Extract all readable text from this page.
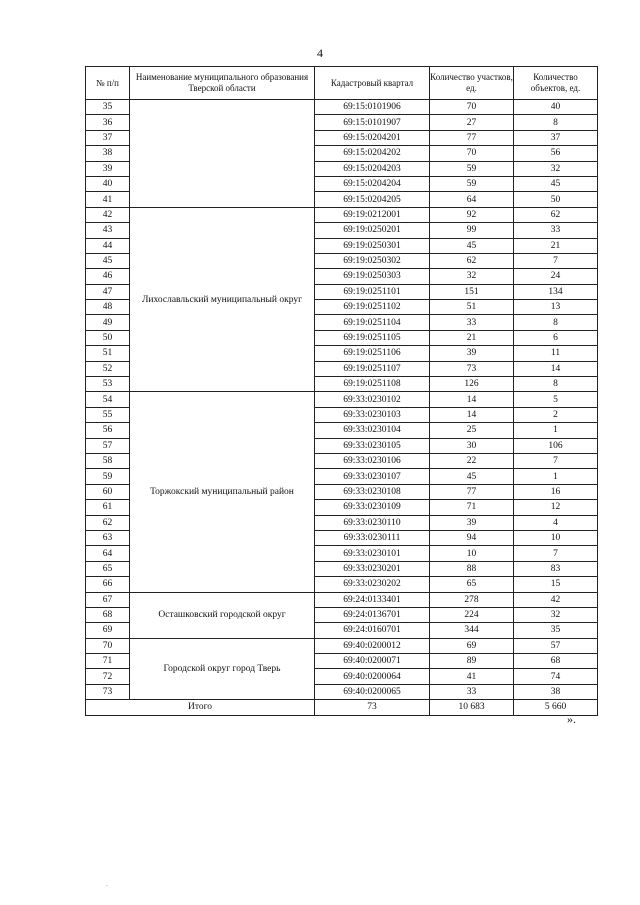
4
№ п/п	Наименование муниципального образования Тверской области	Кадастровый квартал	Количество участков, ед.	Количество объектов, ед.
35		69:15:0101906	70	40
36		69:15:0101907	27	8
37		69:15:0204201	77	37
38		69:15:0204202	70	56
39		69:15:0204203	59	32
40		69:15:0204204	59	45
41		69:15:0204205	64	50
42	Лихославльский муниципальный округ	69:19:0212001	92	62
43		69:19:0250201	99	33
44		69:19:0250301	45	21
45		69:19:0250302	62	7
46		69:19:0250303	32	24
47		69:19:0251101	151	134
48		69:19:0251102	51	13
49		69:19:0251104	33	8
50		69:19:0251105	21	6
51		69:19:0251106	39	11
52		69:19:0251107	73	14
53		69:19:0251108	126	8
54	Торжокский муниципальный район	69:33:0230102	14	5
55		69:33:0230103	14	2
56		69:33:0230104	25	1
57		69:33:0230105	30	106
58		69:33:0230106	22	7
59		69:33:0230107	45	1
60		69:33:0230108	77	16
61		69:33:0230109	71	12
62		69:33:0230110	39	4
63		69:33:0230111	94	10
64		69:33:0230101	10	7
65		69:33:0230201	88	83
66		69:33:0230202	65	15
67	Осташковский городской округ	69:24:0133401	278	42
68		69:24:0136701	224	32
69		69:24:0160701	344	35
70	Городской округ город Тверь	69:40:0200012	69	57
71		69:40:0200071	89	68
72		69:40:0200064	41	74
73		69:40:0200065	33	38
Итого		73	10 683	5 660
».
.
